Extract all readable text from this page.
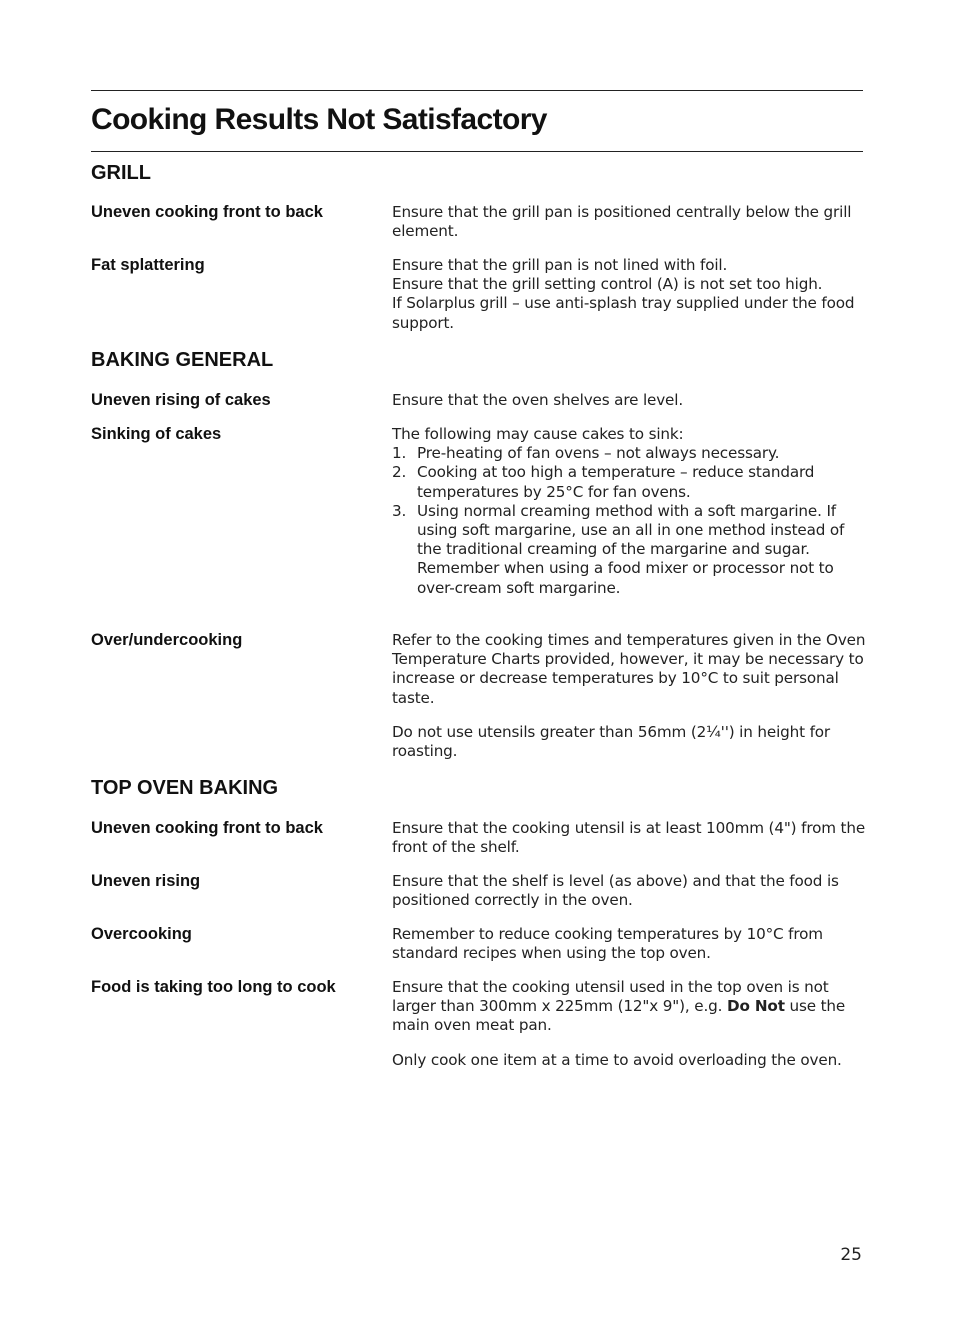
Cooking Results Not Satisfactory
GRILL
Uneven cooking front to back	Ensure that the grill pan is positioned centrally below the grill element.
Fat splattering	Ensure that the grill pan is not lined with foil.
Ensure that the grill setting control (A) is not set too high.
If Solarplus grill – use anti-splash tray supplied under the food support.
BAKING GENERAL
Uneven rising of cakes	Ensure that the oven shelves are level.
Sinking of cakes	The following may cause cakes to sink:
1. Pre-heating of fan ovens – not always necessary.
2. Cooking at too high a temperature – reduce standard temperatures by 25°C for fan ovens.
3. Using normal creaming method with a soft margarine. If using soft margarine, use an all in one method instead of the traditional creaming of the margarine and sugar.
Remember when using a food mixer or processor not to over-cream soft margarine.
Over/undercooking	Refer to the cooking times and temperatures given in the Oven Temperature Charts provided, however, it may be necessary to increase or decrease temperatures by 10°C to suit personal taste.
Do not use utensils greater than 56mm (2¼'') in height for roasting.
TOP OVEN BAKING
Uneven cooking front to back	Ensure that the cooking utensil is at least 100mm (4") from the front of the shelf.
Uneven rising	Ensure that the shelf is level (as above) and that the food is positioned correctly in the oven.
Overcooking	Remember to reduce cooking temperatures by 10°C from standard recipes when using the top oven.
Food is taking too long to cook	Ensure that the cooking utensil used in the top oven is not larger than 300mm x 225mm (12"x 9"), e.g. Do Not use the main oven meat pan.
Only cook one item at a time to avoid overloading the oven.
25
